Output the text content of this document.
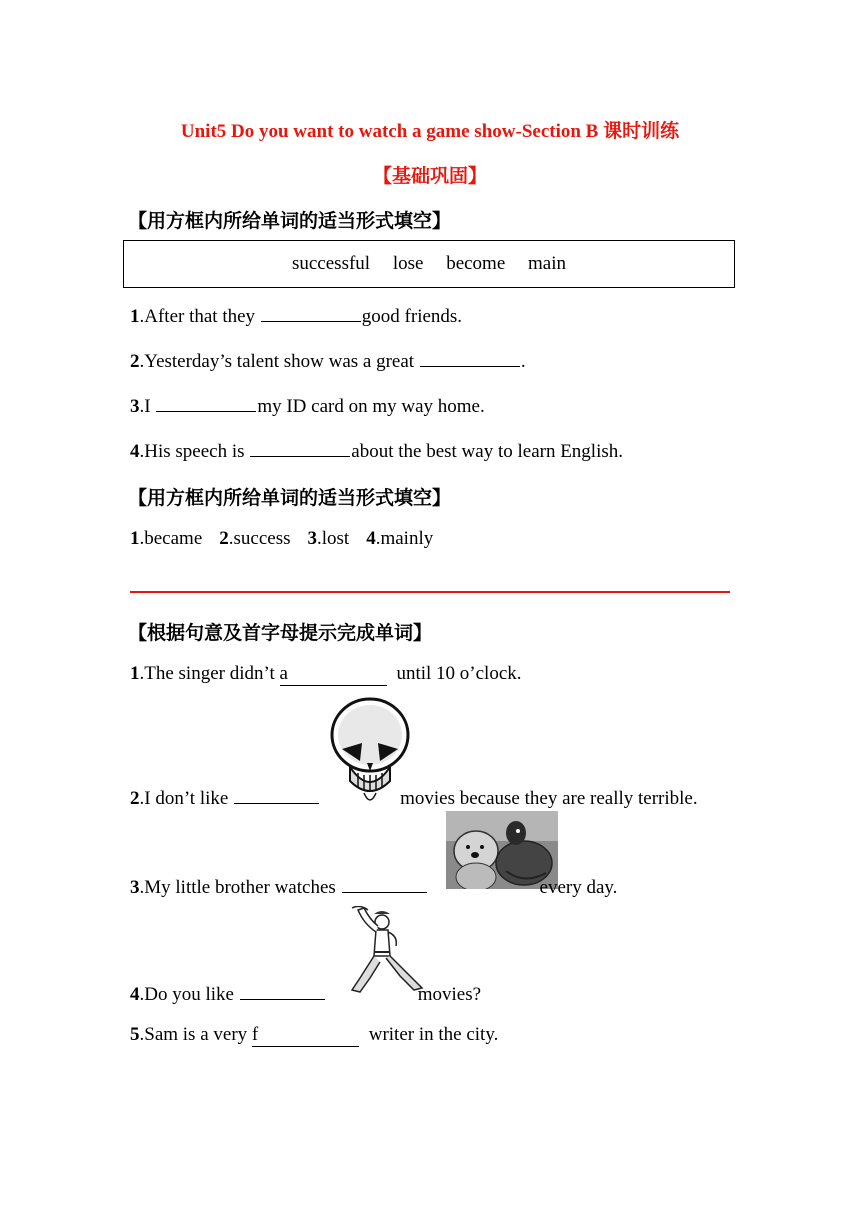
Unit5 Do you want to watch a game show-Section B 课时训练
【基础巩固】
【用方框内所给单词的适当形式填空】
successful lose become main
1.After that they	good friends.
2.Yesterday’s talent show was a great	.
3.I	my ID card on my way home.
4.His speech is	about the best way to learn English.
【用方框内所给单词的适当形式填空】
1.became 2.success 3.lost 4.mainly
【根据句意及首字母提示完成单词】
1.The singer didn’t a	until 10 o’clock.
2.I don’t like	movies because they are really terrible.
3.My little brother watches	every day.
4.Do you like	movies?
5.Sam is a very f	writer in the city.
